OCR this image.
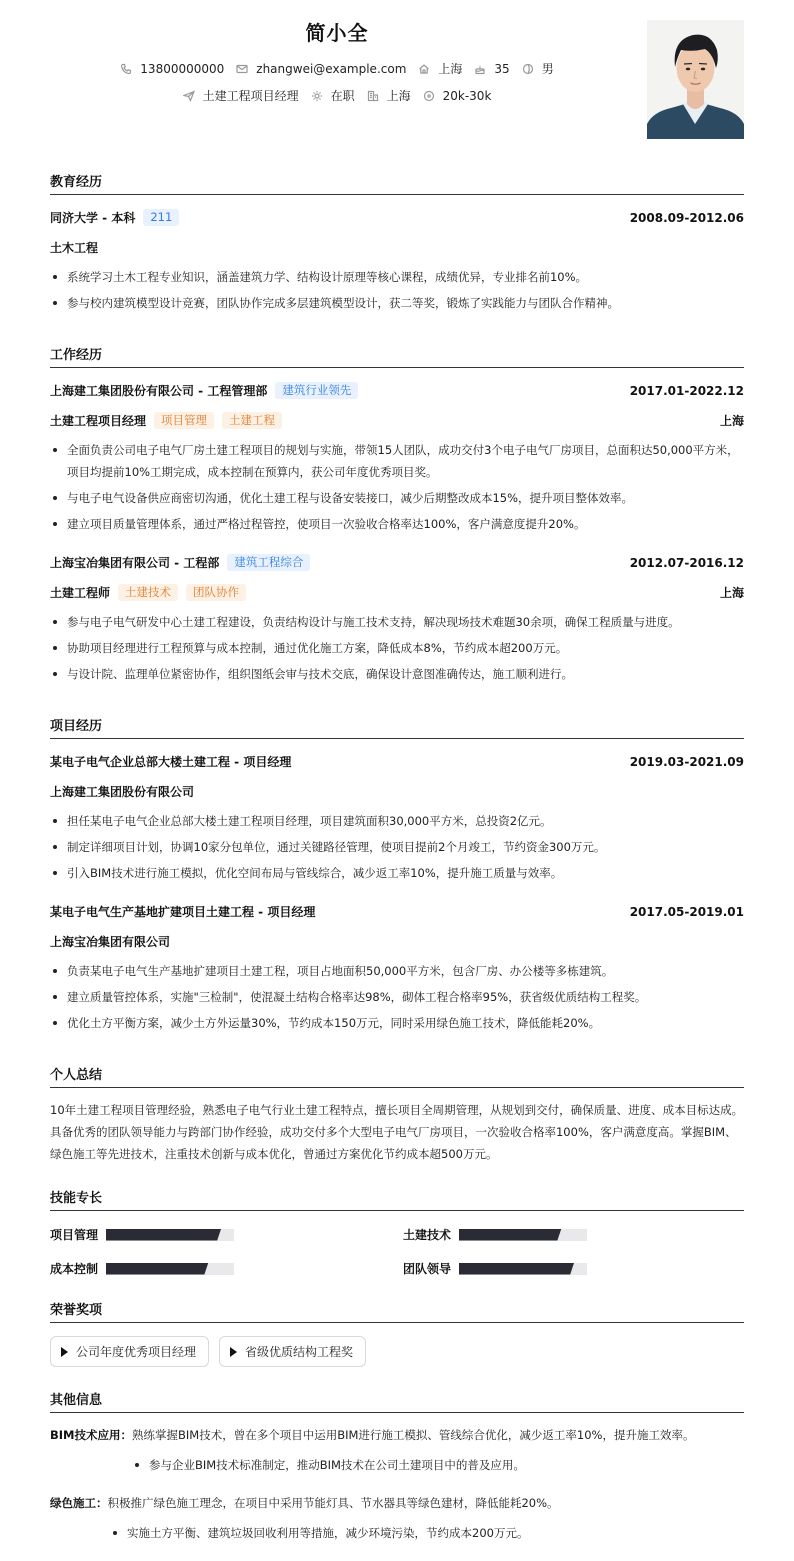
简小全
13800000000	zhangwei@example.com	上海	35	男
土建工程项目经理	在职	上海	20k-30k
教育经历
同济大学 - 本科	211	2008.09-2012.06
土木工程
系统学习土木工程专业知识，涵盖建筑力学、结构设计原理等核心课程，成绩优异，专业排名前10%。
参与校内建筑模型设计竞赛，团队协作完成多层建筑模型设计，获二等奖，锻炼了实践能力与团队合作精神。
工作经历
上海建工集团股份有限公司 - 工程管理部	建筑行业领先	2017.01-2022.12
土建工程项目经理	项目管理	土建工程	上海
全面负责公司电子电气厂房土建工程项目的规划与实施，带领15人团队，成功交付3个电子电气厂房项目，总面积达50,000平方米，项目均提前10%工期完成，成本控制在预算内，获公司年度优秀项目奖。
与电子电气设备供应商密切沟通，优化土建工程与设备安装接口，减少后期整改成本15%，提升项目整体效率。
建立项目质量管理体系，通过严格过程管控，使项目一次验收合格率达100%，客户满意度提升20%。
上海宝冶集团有限公司 - 工程部	建筑工程综合	2012.07-2016.12
土建工程师	土建技术	团队协作	上海
参与电子电气研发中心土建工程建设，负责结构设计与施工技术支持，解决现场技术难题30余项，确保工程质量与进度。
协助项目经理进行工程预算与成本控制，通过优化施工方案，降低成本8%，节约成本超200万元。
与设计院、监理单位紧密协作，组织图纸会审与技术交底，确保设计意图准确传达，施工顺利进行。
项目经历
某电子电气企业总部大楼土建工程 - 项目经理	2019.03-2021.09
上海建工集团股份有限公司
担任某电子电气企业总部大楼土建工程项目经理，项目建筑面积30,000平方米，总投资2亿元。
制定详细项目计划，协调10家分包单位，通过关键路径管理，使项目提前2个月竣工，节约资金300万元。
引入BIM技术进行施工模拟，优化空间布局与管线综合，减少返工率10%，提升施工质量与效率。
某电子电气生产基地扩建项目土建工程 - 项目经理	2017.05-2019.01
上海宝冶集团有限公司
负责某电子电气生产基地扩建项目土建工程，项目占地面积50,000平方米，包含厂房、办公楼等多栋建筑。
建立质量管控体系，实施"三检制"，使混凝土结构合格率达98%，砌体工程合格率95%，获省级优质结构工程奖。
优化土方平衡方案，减少土方外运量30%，节约成本150万元，同时采用绿色施工技术，降低能耗20%。
个人总结
10年土建工程项目管理经验，熟悉电子电气行业土建工程特点，擅长项目全周期管理，从规划到交付，确保质量、进度、成本目标达成。具备优秀的团队领导能力与跨部门协作经验，成功交付多个大型电子电气厂房项目，一次验收合格率100%，客户满意度高。掌握BIM、绿色施工等先进技术，注重技术创新与成本优化，曾通过方案优化节约成本超500万元。
技能专长
项目管理	土建技术
成本控制	团队领导
荣誉奖项
公司年度优秀项目经理	省级优质结构工程奖
其他信息
BIM技术应用：熟练掌握BIM技术，曾在多个项目中运用BIM进行施工模拟、管线综合优化，减少返工率10%，提升施工效率。
参与企业BIM技术标准制定，推动BIM技术在公司土建项目中的普及应用。
绿色施工：积极推广绿色施工理念，在项目中采用节能灯具、节水器具等绿色建材，降低能耗20%。
实施土方平衡、建筑垃圾回收利用等措施，减少环境污染，节约成本200万元。
